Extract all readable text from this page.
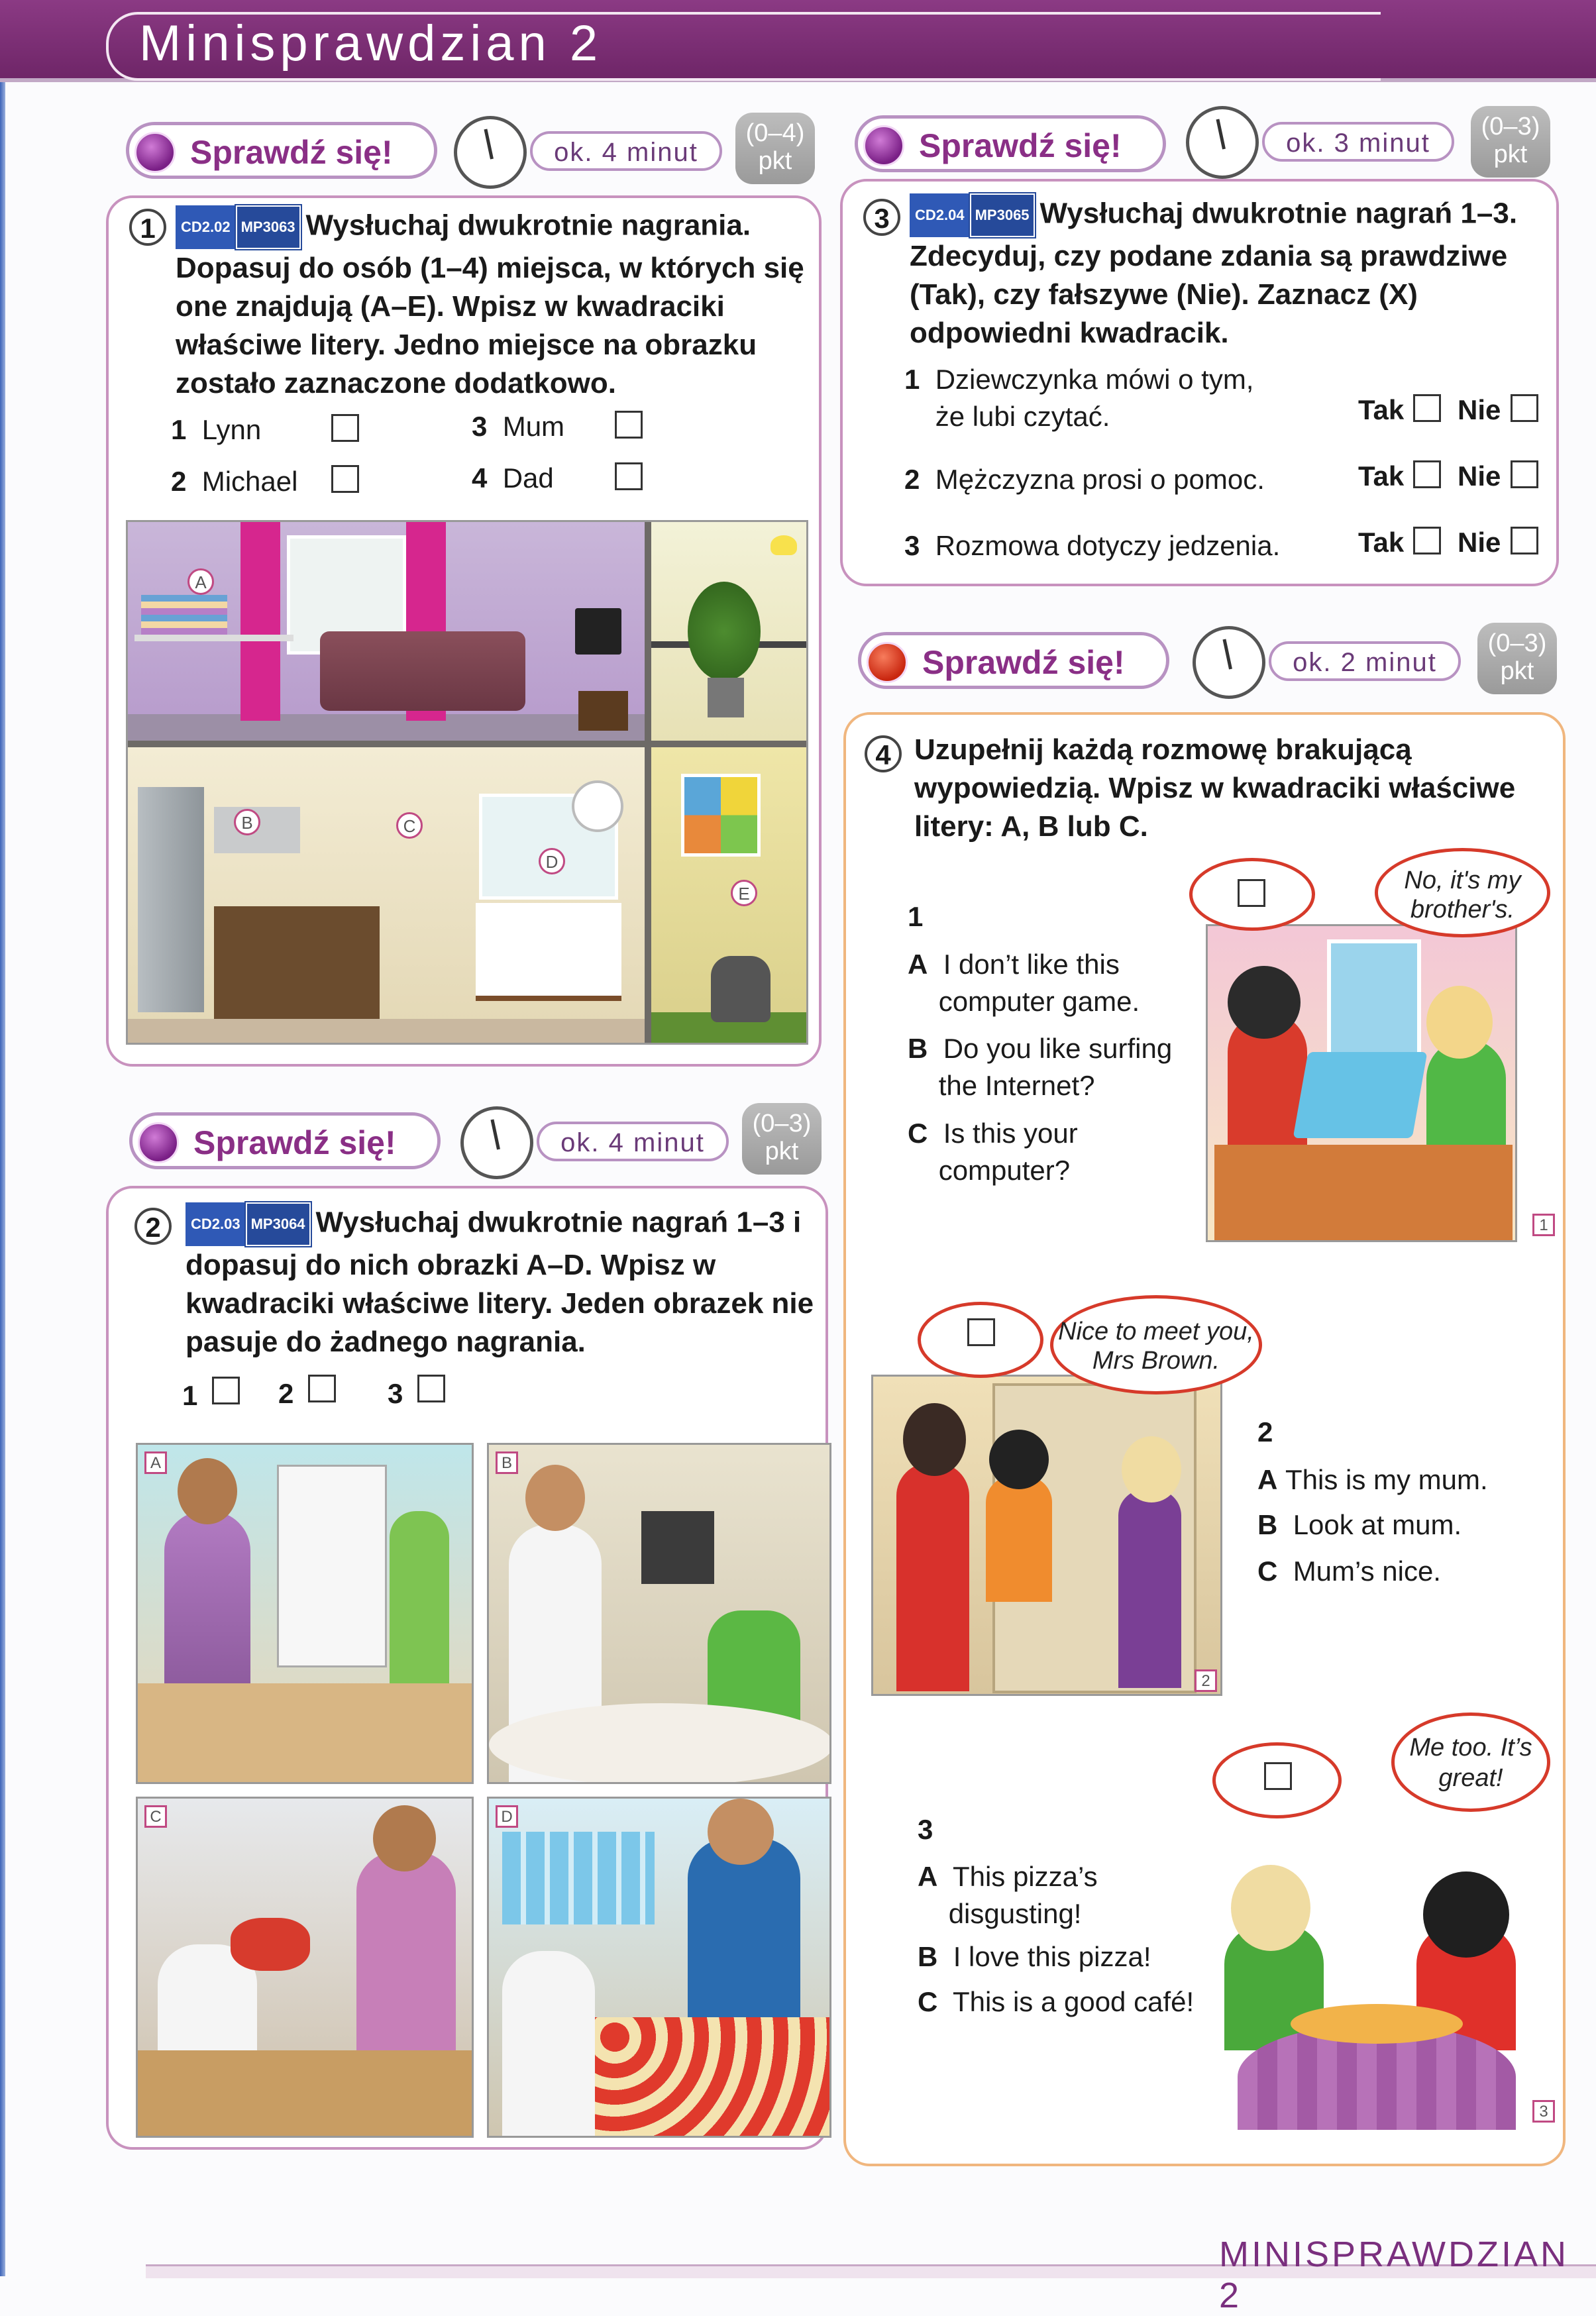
Minisprawdzian 2
Sprawdź się!	ok. 4 minut
(0–4)
pkt	Sprawdź się!	ok. 3 minut
(0–3)
pkt
Sprawdź się!	ok. 2 minut
(0–3)
pkt
Sprawdź się!	ok. 4 minut
(0–3)
pkt
1	CD2.02 MP3063 Wysłuchaj dwukrotnie nagrania. Dopasuj do osób (1–4) miejsca, w których się one znajdują (A–E). Wpisz w kwadraciki właściwe litery. Jedno miejsce na obrazku zostało zaznaczone dodatkowo.
1 Lynn	3 Mum
2 Michael	4 Dad
A
B	C
D
E
2	CD2.03 MP3064 Wysłuchaj dwukrotnie nagrań 1–3 i dopasuj do nich obrazki A–D. Wpisz w kwadraciki właściwe litery. Jeden obrazek nie pasuje do żadnego nagrania.
1	2	3
A	B
C	D
3	CD2.04 MP3065 Wysłuchaj dwukrotnie nagrań 1–3. Zdecyduj, czy podane zdania są prawdziwe (Tak), czy fałszywe (Nie). Zaznacz (X) odpowiedni kwadracik.
1 Dziewczynka mówi o tym,
że lubi czytać.	Tak Nie
2 Mężczyzna prosi o pomoc.	Tak Nie
3 Rozmowa dotyczy jedzenia.	Tak Nie
4 Uzupełnij każdą rozmowę brakującą wypowiedzią. Wpisz w kwadraciki właściwe litery: A, B lub C.
1
A I don’t like this
computer game.
B Do you like surfing
the Internet?
C Is this your
computer?
1
No, it's my brother's.
2
Nice to meet you, Mrs Brown.
2
A This is my mum.
B Look at mum.
C Mum’s nice.
3
A This pizza’s
disgusting!
B I love this pizza!
C This is a good café!
3
Me too. It’s great!
MINISPRAWDZIAN 2
